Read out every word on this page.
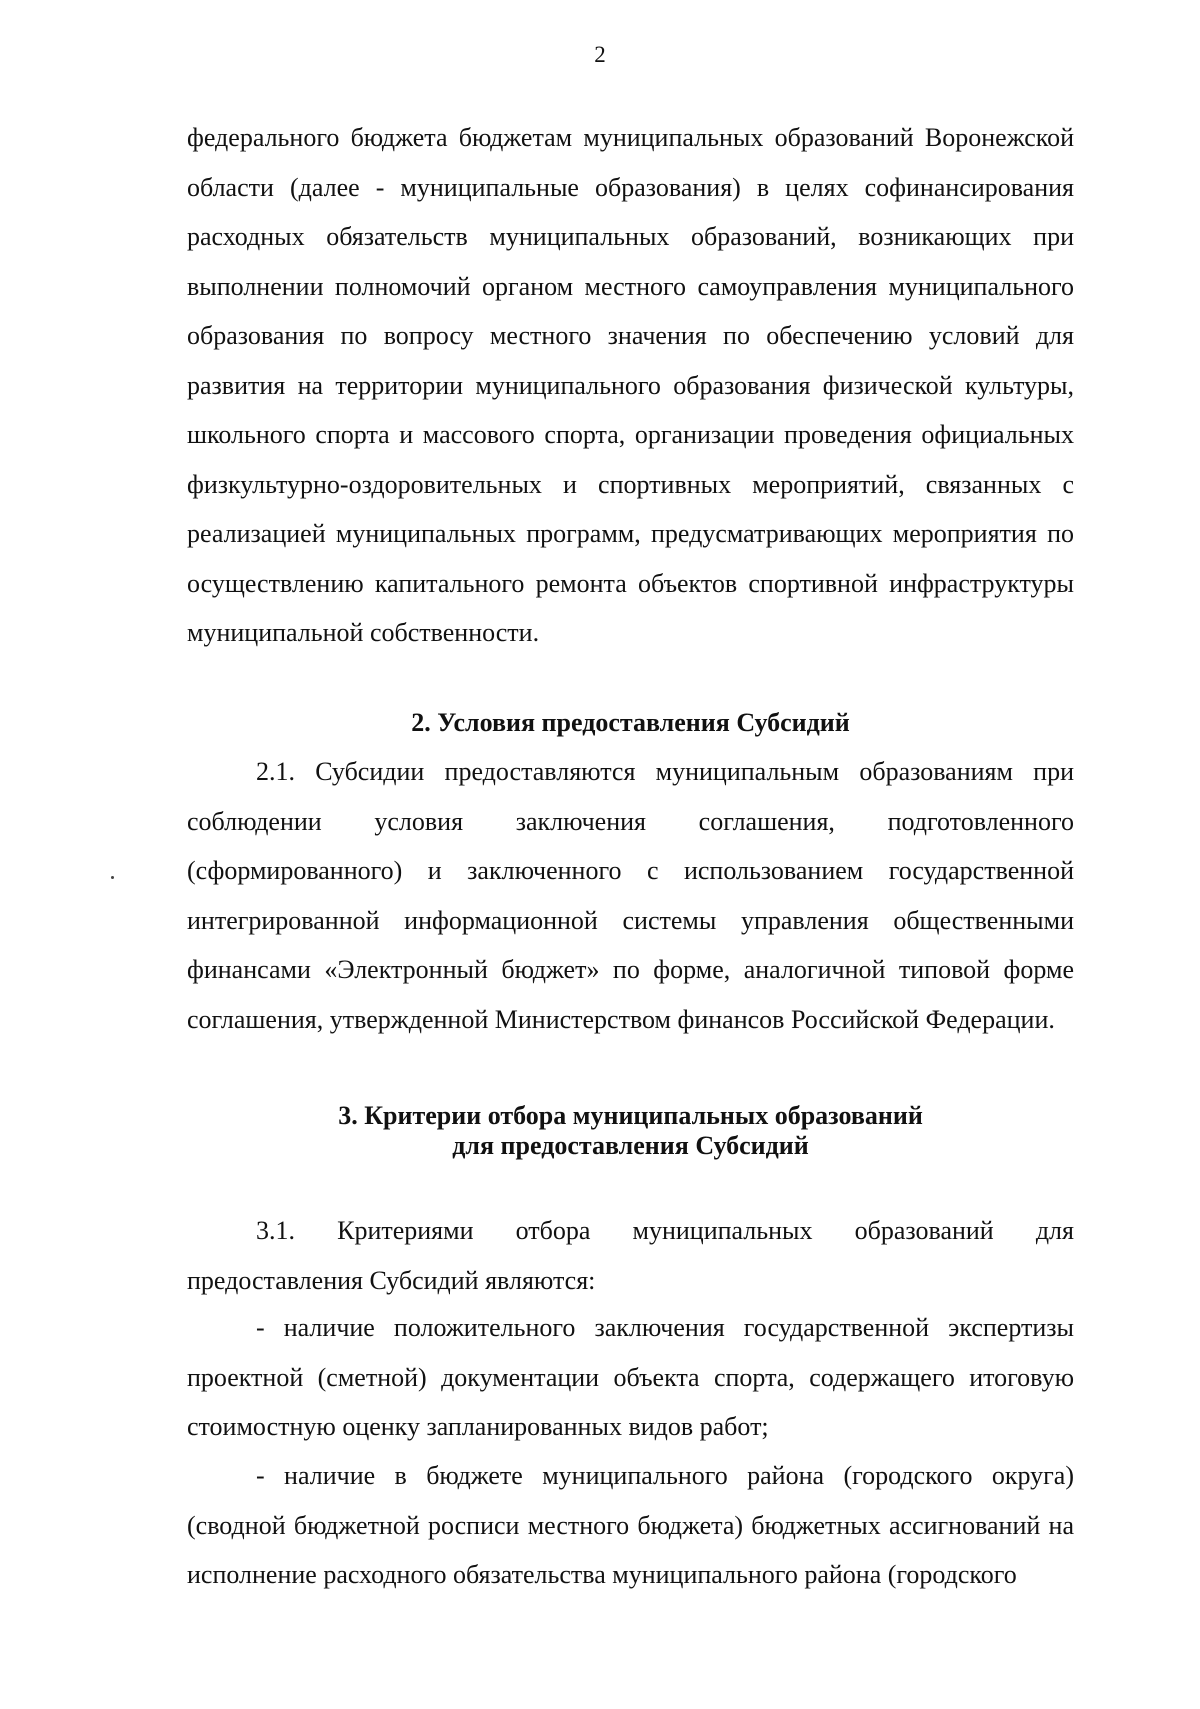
2

федерального бюджета бюджетам муниципальных образований Воронежской области (далее - муниципальные образования) в целях софинансирования расходных обязательств муниципальных образований, возникающих при выполнении полномочий органом местного самоуправления муниципального образования по вопросу местного значения по обеспечению условий для развития на территории муниципального образования физической культуры, школьного спорта и массового спорта, организации проведения официальных физкультурно-оздоровительных и спортивных мероприятий, связанных с реализацией муниципальных программ, предусматривающих мероприятия по осуществлению капитального ремонта объектов спортивной инфраструктуры муниципальной собственности.

2. Условия предоставления Субсидий

2.1. Субсидии предоставляются муниципальным образованиям при соблюдении условия заключения соглашения, подготовленного (сформированного) и заключенного с использованием государственной интегрированной информационной системы управления общественными финансами «Электронный бюджет» по форме, аналогичной типовой форме соглашения, утвержденной Министерством финансов Российской Федерации.

3. Критерии отбора муниципальных образований
для предоставления Субсидий

3.1. Критериями отбора муниципальных образований для предоставления Субсидий являются:

- наличие положительного заключения государственной экспертизы проектной (сметной) документации объекта спорта, содержащего итоговую стоимостную оценку запланированных видов работ;

- наличие в бюджете муниципального района (городского округа) (сводной бюджетной росписи местного бюджета) бюджетных ассигнований на исполнение расходного обязательства муниципального района (городского
